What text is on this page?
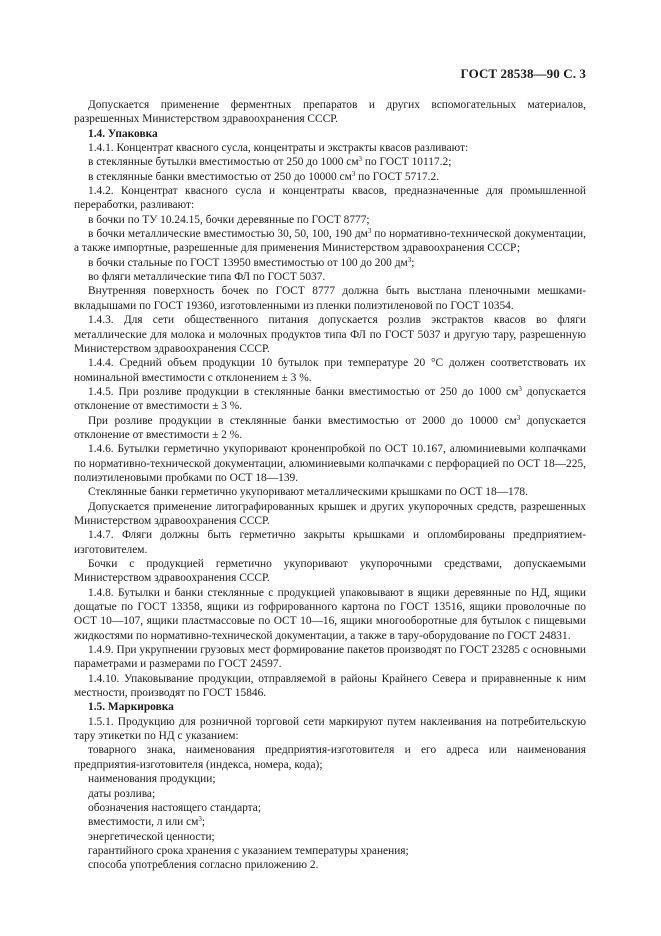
ГОСТ 28538—90 С. 3

Допускается применение ферментных препаратов и других вспомогательных материалов, разрешенных Министерством здравоохранения СССР.

1.4. Упаковка

1.4.1. Концентрат квасного сусла, концентраты и экстракты квасов разливают:

в стеклянные бутылки вместимостью от 250 до 1000 $см^3$ по ГОСТ 10117.2;

в стеклянные банки вместимостью от 250 до 10000 $см^3$ по ГОСТ 5717.2.

1.4.2. Концентрат квасного сусла и концентраты квасов, предназначенные для промышленной переработки, разливают:

в бочки по ТУ 10.24.15, бочки деревянные по ГОСТ 8777;

в бочки металлические вместимостью 30, 50, 100, 190 $дм^3$ по нормативно-технической документации, а также импортные, разрешенные для применения Министерством здравоохранения СССР;

в бочки стальные по ГОСТ 13950 вместимостью от 100 до 200 $дм^3$;

во фляги металлические типа ФЛ по ГОСТ 5037.

Внутренняя поверхность бочек по ГОСТ 8777 должна быть выстлана пленочными мешками-вкладышами по ГОСТ 19360, изготовленными из пленки полиэтиленовой по ГОСТ 10354.

1.4.3. Для сети общественного питания допускается розлив экстрактов квасов во фляги металлические для молока и молочных продуктов типа ФЛ по ГОСТ 5037 и другую тару, разрешенную Министерством здравоохранения СССР.

1.4.4. Средний объем продукции 10 бутылок при температуре 20 °С должен соответствовать их номинальной вместимости с отклонением ± 3 %.

1.4.5. При розливе продукции в стеклянные банки вместимостью от 250 до 1000 $см^3$ допускается отклонение от вместимости ± 3 %.

При розливе продукции в стеклянные банки вместимостью от 2000 до 10000 $см^3$ допускается отклонение от вместимости ± 2 %.

1.4.6. Бутылки герметично укупоривают кроненпробкой по ОСТ 10.167, алюминиевыми колпачками по нормативно-технической документации, алюминиевыми колпачками с перфорацией по ОСТ 18—225, полиэтиленовыми пробками по ОСТ 18—139.

Стеклянные банки герметично укупоривают металлическими крышками по ОСТ 18—178.

Допускается применение литографированных крышек и других укупорочных средств, разрешенных Министерством здравоохранения СССР.

1.4.7. Фляги должны быть герметично закрыты крышками и опломбированы предприятием-изготовителем.

Бочки с продукцией герметично укупоривают укупорочными средствами, допускаемыми Министерством здравоохранения СССР.

1.4.8. Бутылки и банки стеклянные с продукцией упаковывают в ящики деревянные по НД, ящики дощатые по ГОСТ 13358, ящики из гофрированного картона по ГОСТ 13516, ящики проволочные по ОСТ 10—107, ящики пластмассовые по ОСТ 10—16, ящики многооборотные для бутылок с пищевыми жидкостями по нормативно-технической документации, а также в тару-оборудование по ГОСТ 24831.

1.4.9. При укрупнении грузовых мест формирование пакетов производят по ГОСТ 23285 с основными параметрами и размерами по ГОСТ 24597.

1.4.10. Упаковывание продукции, отправляемой в районы Крайнего Севера и приравненные к ним местности, производят по ГОСТ 15846.

1.5. Маркировка

1.5.1. Продукцию для розничной торговой сети маркируют путем наклеивания на потребительскую тару этикетки по НД с указанием:

товарного знака, наименования предприятия-изготовителя и его адреса или наименования предприятия-изготовителя (индекса, номера, кода);

наименования продукции;

даты розлива;

обозначения настоящего стандарта;

вместимости, л или $см^3$;

энергетической ценности;

гарантийного срока хранения с указанием температуры хранения;

способа употребления согласно приложению 2.
